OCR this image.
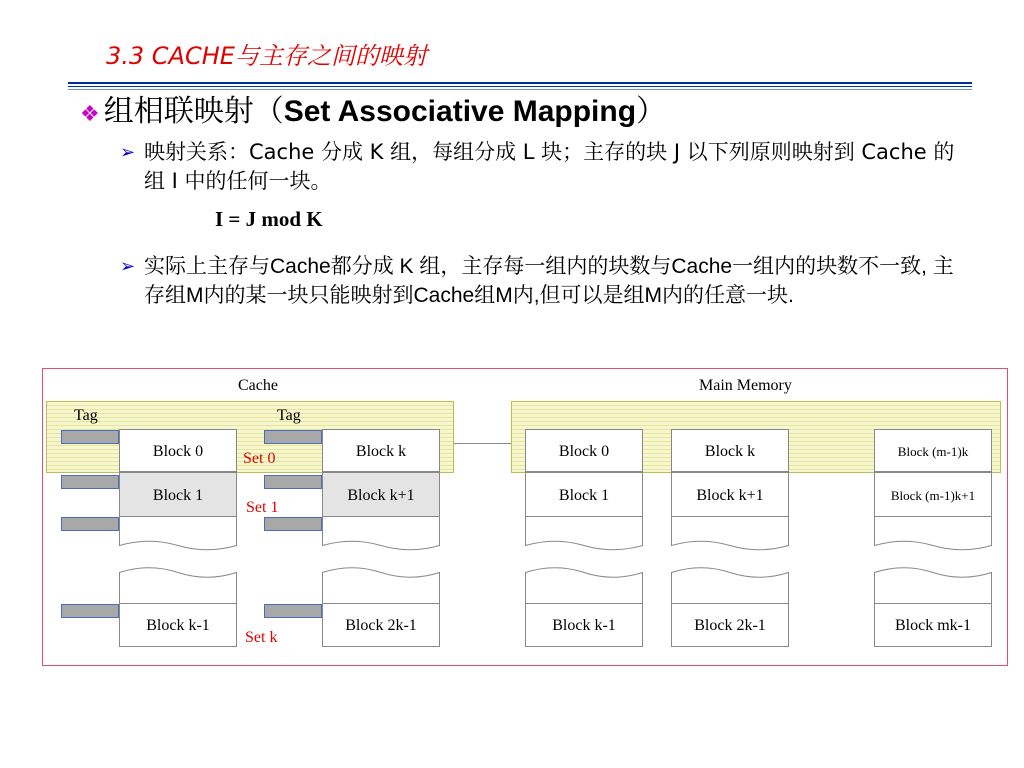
3.3 CACHE与主存之间的映射
❖ 组相联映射（Set Associative Mapping）
➢ 映射关系：Cache 分成 K 组，每组分成 L 块；主存的块 J 以下列原则映射到 Cache 的组 I 中的任何一块。
I = J mod K
➢ 实际上主存与Cache都分成 K 组，主存每一组内的块数与Cache一组内的块数不一致, 主存组M内的某一块只能映射到Cache组M内,但可以是组M内的任意一块.
Cache	Main Memory
Tag	Tag
Block 0
Block 1
Block k-1
Block k
Block k+1
Block 2k-1
Set 0
Set 1
Set k
Block 0
Block 1
Block k-1
Block k
Block k+1
Block 2k-1
Block (m-1)k
Block (m-1)k+1
Block mk-1
